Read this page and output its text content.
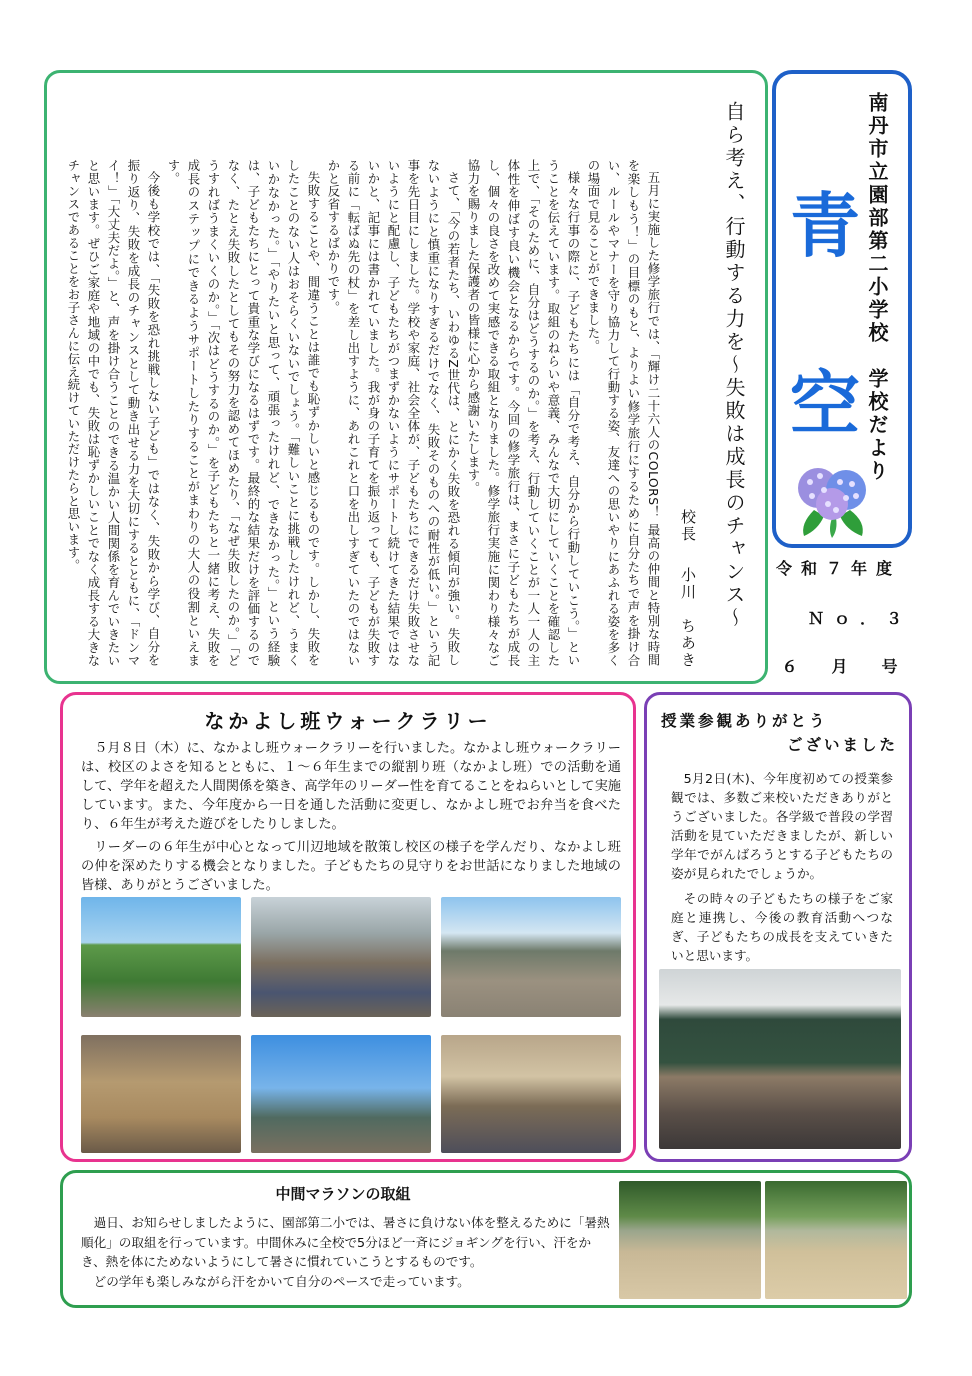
自ら考え、行動する力を～失敗は成長のチャンス～
校長　 小川　ちあき

五月に実施した修学旅行では、「輝け二十六人のCOLORS！ 最高の仲間と特別な時間を楽しもう！」の目標のもと、よりよい修学旅行にするために自分たちで声を掛け合い、ルールやマナーを守り協力して行動する姿、友達への思いやりにあふれる姿を多くの場面で見ることができました。

様々な行事の際に、子どもたちには「自分で考え、自分から行動していこう。」ということを伝えています。取組のねらいや意義、みんなで大切にしていくことを確認した上で、「そのために、自分はどうするのか。」を考え、行動していくことが一人一人の主体性を伸ばす良い機会となるからです。今回の修学旅行は、まさに子どもたちが成長し、個々の良さを改めて実感できる取組となりました。修学旅行実施に関わり様々なご協力を賜りました保護者の皆様に心から感謝いたします。

さて、「今の若者たち、いわゆるZ世代は、とにかく失敗を恐れる傾向が強い。失敗しないようにと慎重になりすぎるだけでなく、失敗そのものへの耐性が低い。」という記事を先日目にしました。学校や家庭、社会全体が、子どもたちにできるだけ失敗させないようにと配慮し、子どもたちがつまずかないようにサポートし続けてきた結果ではないかと、記事には書かれていました。我が身の子育てを振り返っても、子どもが失敗する前に「転ばぬ先の杖」を差し出すように、あれこれと口を出しすぎていたのではないかと反省するばかりです。

失敗することや、間違うことは誰でも恥ずかしいと感じるものです。しかし、失敗をしたことのない人はおそらくいないでしょう。「難しいことに挑戦したけれど、うまくいかなかった。」「やりたいと思って、頑張ったけれど、できなかった。」という経験は、子どもたちにとって貴重な学びになるはずです。最終的な結果だけを評価するのでなく、たとえ失敗したとしてもその努力を認めてほめたり、「なぜ失敗したのか。」「どうすればうまくいくのか。」「次はどうするのか。」を子どもたちと一緒に考え、失敗を成長のステップにできるようサポートしたりすることがまわりの大人の役割といえます。

今後も学校では、「失敗を恐れ挑戦しない子ども」ではなく、失敗から学び、自分を振り返り、失敗を成長のチャンスとして動き出せる力を大切にするとともに、「ドンマイ！」「大丈夫だよ。」と、声を掛け合うことのできる温かい人間関係を育んでいきたいと思います。ぜひご家庭や地域の中でも、失敗は恥ずかしいことでなく成長する大きなチャンスであることをお子さんに伝え続けていただけたらと思います。	南丹市立園部第二小学校　学校だより
青
空
令和７年度
Ｎｏ．３
６　月　号
なかよし班ウォークラリー

５月８日（木）に、なかよし班ウォークラリーを行いました。なかよし班ウォークラリーは、校区のよさを知るとともに、１～６年生までの縦割り班（なかよし班）での活動を通して、学年を超えた人間関係を築き、高学年のリーダー性を育てることをねらいとして実施しています。また、今年度から一日を通した活動に変更し、なかよし班でお弁当を食べたり、６年生が考えた遊びをしたりしました。

リーダーの６年生が中心となって川辺地域を散策し校区の様子を学んだり、なかよし班の仲を深めたりする機会となりました。子どもたちの見守りをお世話になりました地域の皆様、ありがとうございました。

授業参観ありがとう
ございました

5月2日(木)、今年度初めての授業参観では、多数ご来校いただきありがとうございました。各学級で普段の学習活動を見ていただきましたが、新しい学年でがんばろうとする子どもたちの姿が見られたでしょうか。

その時々の子どもたちの様子をご家庭と連携し、今後の教育活動へつなぎ、子どもたちの成長を支えていきたいと思います。

中間マラソンの取組

過日、お知らせしましたように、園部第二小では、暑さに負けない体を整えるために「暑熱順化」の取組を行っています。中間休みに全校で5分ほど一斉にジョギングを行い、汗をかき、熱を体にためないようにして暑さに慣れていこうとするものです。

どの学年も楽しみながら汗をかいて自分のペースで走っています。
